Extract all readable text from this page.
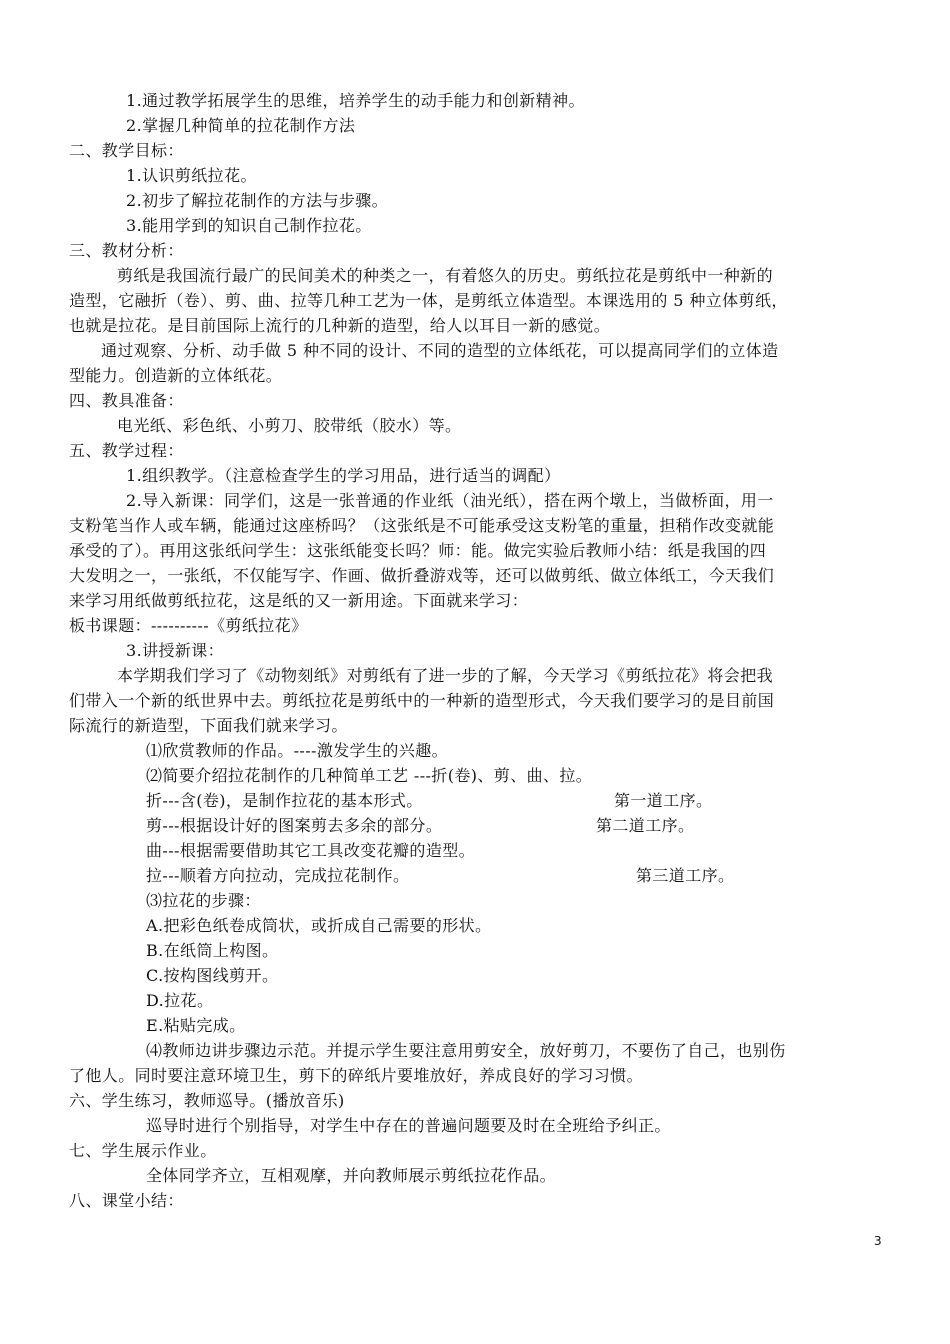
1.通过教学拓展学生的思维，培养学生的动手能力和创新精神。
2.掌握几种简单的拉花制作方法
二、教学目标：
1.认识剪纸拉花。
2.初步了解拉花制作的方法与步骤。
3.能用学到的知识自己制作拉花。
三、教材分析：
剪纸是我国流行最广的民间美术的种类之一，有着悠久的历史。剪纸拉花是剪纸中一种新的
造型，它融折（卷）、剪、曲、拉等几种工艺为一体，是剪纸立体造型。本课选用的 5 种立体剪纸，
也就是拉花。是目前国际上流行的几种新的造型，给人以耳目一新的感觉。
通过观察、分析、动手做 5 种不同的设计、不同的造型的立体纸花，可以提高同学们的立体造
型能力。创造新的立体纸花。
四、教具准备：
电光纸、彩色纸、小剪刀、胶带纸（胶水）等。
五、教学过程：
1.组织教学。（注意检查学生的学习用品，进行适当的调配）
2.导入新课：同学们，这是一张普通的作业纸（油光纸），搭在两个墩上，当做桥面，用一
支粉笔当作人或车辆，能通过这座桥吗？（这张纸是不可能承受这支粉笔的重量，担稍作改变就能
承受的了）。再用这张纸问学生：这张纸能变长吗？师：能。做完实验后教师小结：纸是我国的四
大发明之一，一张纸，不仅能写字、作画、做折叠游戏等，还可以做剪纸、做立体纸工，今天我们
来学习用纸做剪纸拉花，这是纸的又一新用途。下面就来学习：
板书课题：----------《剪纸拉花》
3.讲授新课：
本学期我们学习了《动物刻纸》对剪纸有了进一步的了解，今天学习《剪纸拉花》将会把我
们带入一个新的纸世界中去。剪纸拉花是剪纸中的一种新的造型形式，今天我们要学习的是目前国
际流行的新造型，下面我们就来学习。
⑴欣赏教师的作品。----激发学生的兴趣。
⑵简要介绍拉花制作的几种简单工艺 ---折(卷)、剪、曲、拉。
折---含(卷)，是制作拉花的基本形式。	第一道工序。
剪---根据设计好的图案剪去多余的部分。	第二道工序。
曲---根据需要借助其它工具改变花瓣的造型。
拉---顺着方向拉动，完成拉花制作。	第三道工序。
⑶拉花的步骤：
A.把彩色纸卷成筒状，或折成自己需要的形状。
B.在纸筒上构图。
C.按构图线剪开。
D.拉花。
E.粘贴完成。
⑷教师边讲步骤边示范。并提示学生要注意用剪安全，放好剪刀，不要伤了自己，也别伤
了他人。同时要注意环境卫生，剪下的碎纸片要堆放好，养成良好的学习习惯。
六、学生练习，教师巡导。(播放音乐)
巡导时进行个别指导，对学生中存在的普遍问题要及时在全班给予纠正。
七、学生展示作业。
全体同学齐立，互相观摩，并向教师展示剪纸拉花作品。
八、课堂小结：
3
